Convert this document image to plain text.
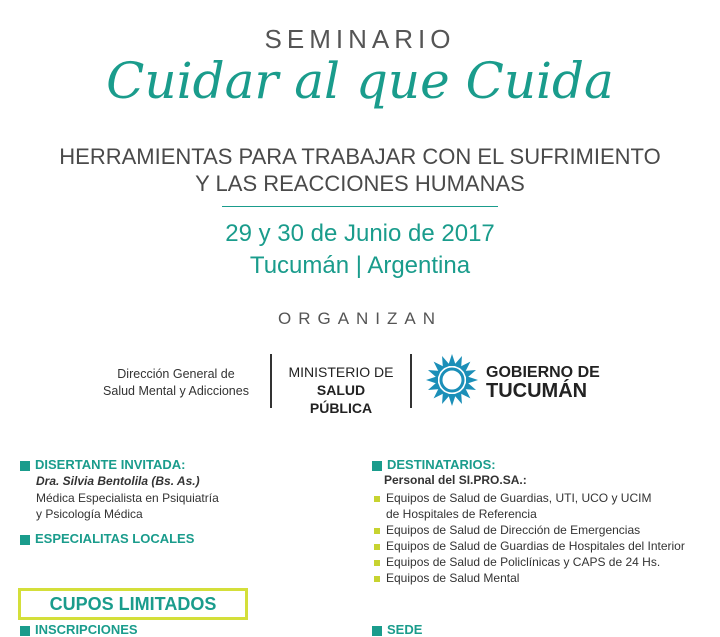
SEMINARIO
Cuidar al que Cuida
HERRAMIENTAS PARA TRABAJAR CON EL SUFRIMIENTO
Y LAS REACCIONES HUMANAS
29 y 30 de Junio de 2017
Tucumán | Argentina
ORGANIZAN
Dirección General de
Salud Mental y Adicciones
MINISTERIO DE
SALUD PÚBLICA
GOBIERNO DE
TUCUMÁN
DISERTANTE INVITADA:
Dra. Silvia Bentolila (Bs. As.)
Médica Especialista en Psiquiatría
y Psicología Médica
ESPECIALITAS LOCALES
CUPOS LIMITADOS
INSCRIPCIONES
DESTINATARIOS:
Personal del SI.PRO.SA.:
Equipos de Salud de Guardias, UTI, UCO y UCIM
de Hospitales de Referencia
Equipos de Salud de Dirección de Emergencias
Equipos de Salud de Guardias de Hospitales del Interior
Equipos de Salud de Policlínicas y CAPS de 24 Hs.
Equipos de Salud Mental
SEDE
